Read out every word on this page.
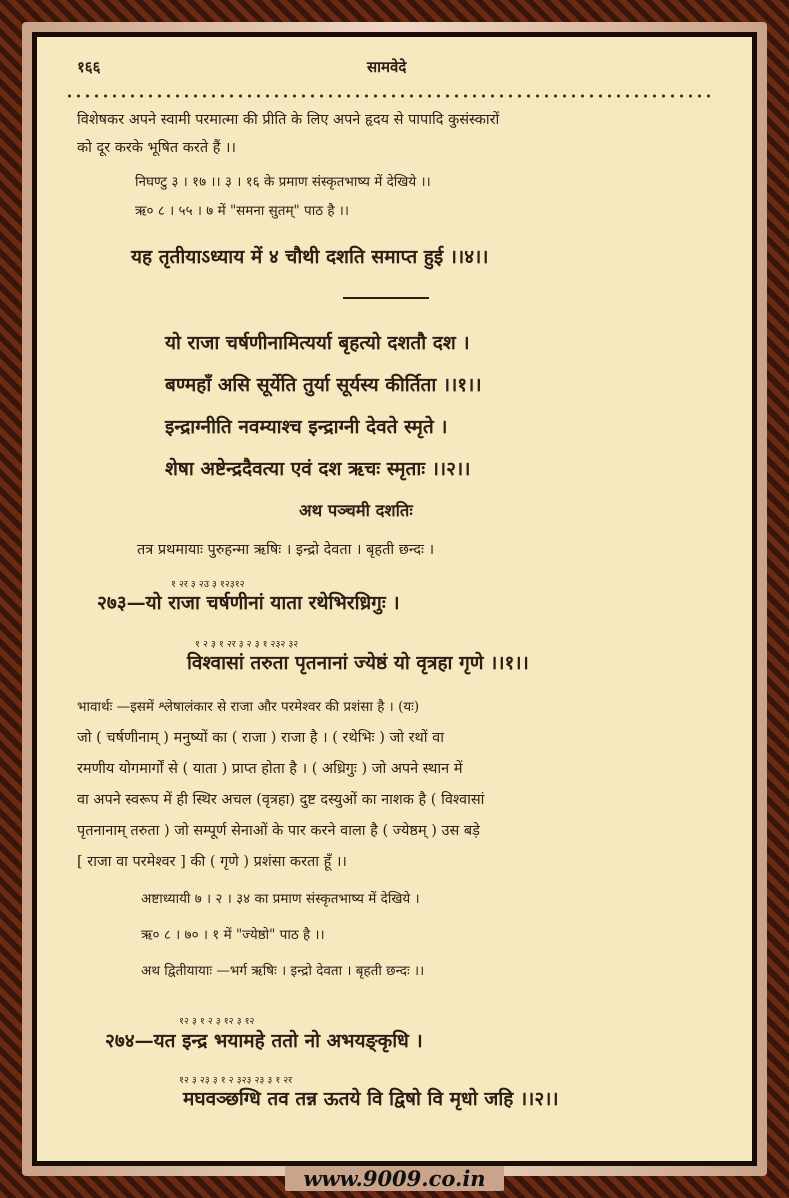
१६६	सामवेदे
विशेषकर अपने स्वामी परमात्मा की प्रीति के लिए अपने हृदय से पापादि कुसंस्कारों
को दूर करके भूषित करते हैं ।।
निघण्टु ३ । १७ ।। ३ । १६ के प्रमाण संस्कृतभाष्य में देखिये ।।
ऋ० ८ । ५५ । ७ में "समना सुतम्" पाठ है ।।
यह तृतीयाऽध्याय में ४ चौथी दशति समाप्त हुई ।।४।।
यो राजा चर्षणीनामित्यर्या बृहत्यो दशतौ दश ।
बण्महाँ असि सूर्येति तुर्या सूर्यस्य कीर्तिता ।।१।।
इन्द्राग्नीति नवम्याश्च इन्द्राग्नी देवते स्मृते ।
शेषा अष्टेन्द्रदैवत्या एवं दश ऋचः स्मृताः ।।२।।
अथ पञ्चमी दशतिः
तत्र प्रथमायाः पुरुहन्मा ऋषिः । इन्द्रो देवता । बृहती छन्दः ।
१ २र ३ २उ ३ १२३१२
२७३—यो राजा चर्षणीनां याता रथेभिरध्रिगुः ।
१ २ ३ १ २र ३ २ ३ १ २३२ ३२
विश्वासां तरुता पृतनानां ज्येष्ठं यो वृत्रहा गृणे ।।१।।
भावार्थः —इसमें श्लेषालंकार से राजा और परमेश्वर की प्रशंसा है । (यः)
जो ( चर्षणीनाम् ) मनुष्यों का ( राजा ) राजा है । ( रथेभिः ) जो रथों वा
रमणीय योगमार्गों से ( याता ) प्राप्त होता है । ( अध्रिगुः ) जो अपने स्थान में
वा अपने स्वरूप में ही स्थिर अचल (वृत्रहा) दुष्ट दस्युओं का नाशक है ( विश्वासां
पृतनानाम् तरुता ) जो सम्पूर्ण सेनाओं के पार करने वाला है ( ज्येष्ठम् ) उस बड़े
[ राजा वा परमेश्वर ] की ( गृणे ) प्रशंसा करता हूँ ।।
अष्टाध्यायी ७ । २ । ३४ का प्रमाण संस्कृतभाष्य में देखिये ।
ऋ० ८ । ७० । १ में "ज्येष्ठो" पाठ है ।।
अथ द्वितीयायाः —भर्ग ऋषिः । इन्द्रो देवता । बृहती छन्दः ।।
१२ ३ १ २ ३ १२ ३ १२
२७४—यत इन्द्र भयामहे ततो नो अभयङ्कृधि ।
१२ ३ २३ ३ १ २ ३२३ २३ ३ १ २र
मघवञ्छग्धि तव तन्न ऊतये वि द्विषो वि मृधो जहि ।।२।।
www.9009.co.in
